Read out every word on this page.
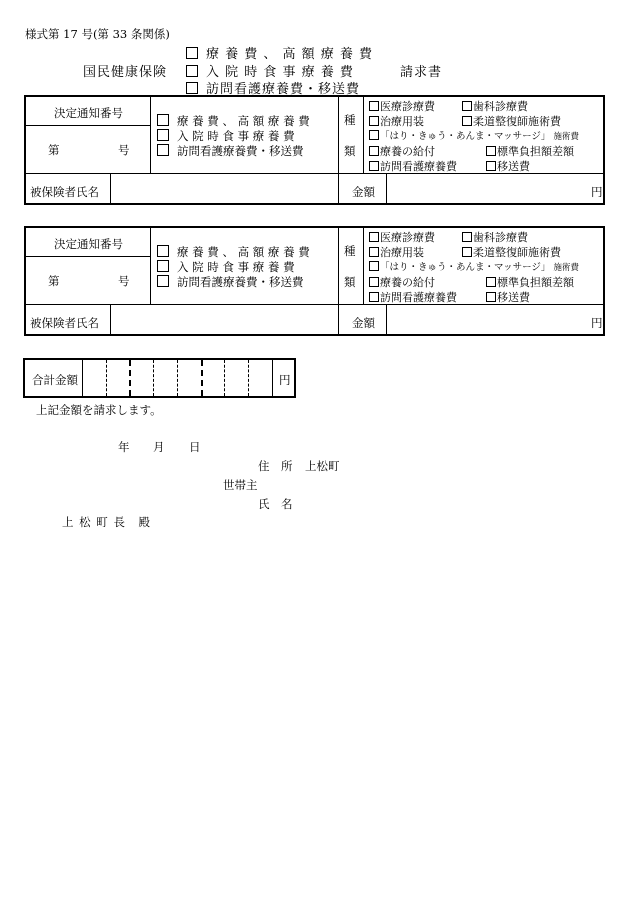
様式第 17 号(第 33 条関係)
療 養 費 、 高 額 療 養 費
国民健康保険	入 院 時 食 事 療 養 費	請求書
訪問看護療養費・移送費
決定通知番号
第	号
療 養 費 、 高 額 療 養 費
入 院 時 食 事 療 養 費
訪問看護療養費・移送費
種
類
医療診療費	歯科診療費
治療用装	柔道整復師施術費
「はり・きゅう・あんま・マッサージ」 施術費
療養の給付	標準負担額差額
訪問看護療養費	移送費
被保険者氏名	金額	円
決定通知番号
第	号
療 養 費 、 高 額 療 養 費
入 院 時 食 事 療 養 費
訪問看護療養費・移送費
種
類
医療診療費	歯科診療費
治療用装	柔道整復師施術費
「はり・きゅう・あんま・マッサージ」 施術費
療養の給付	標準負担額差額
訪問看護療養費	移送費
被保険者氏名	金額	円
合計金額	円
上記金額を請求します。
年 月 日
住　所 上松町
世帯主
氏　名
上 松 町 長　殿
